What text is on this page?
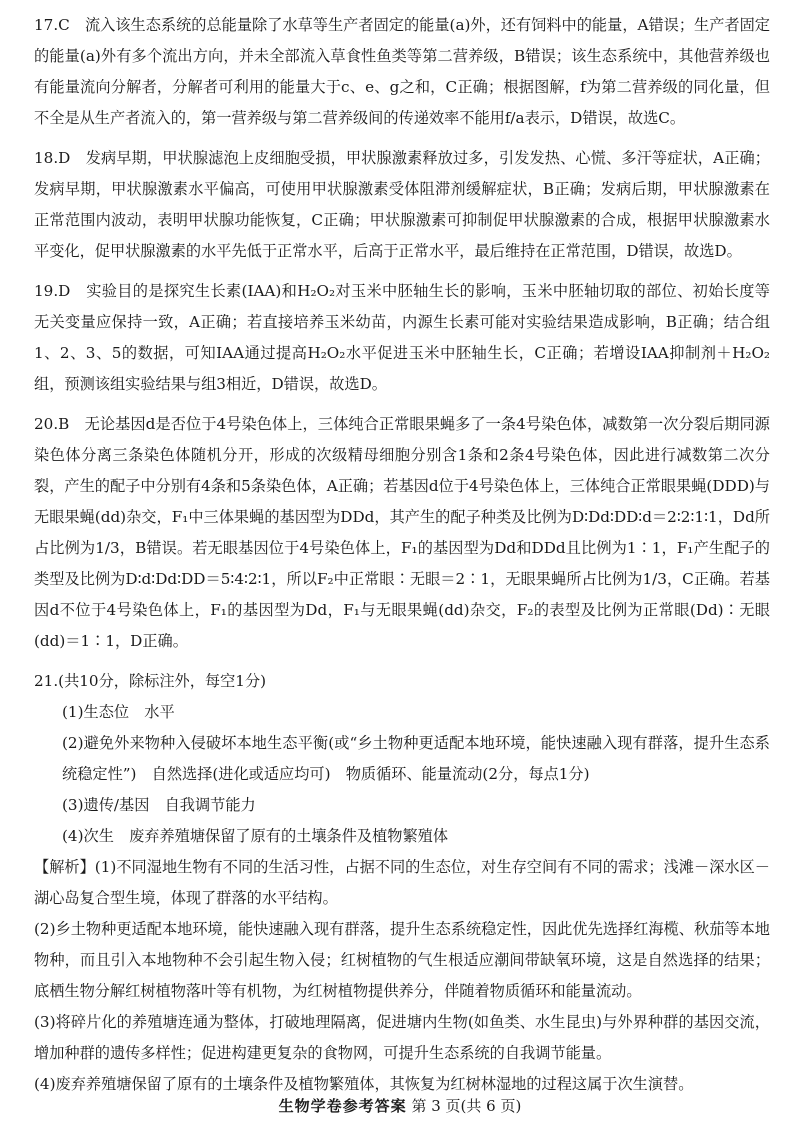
17.C　流入该生态系统的总能量除了水草等生产者固定的能量(a)外，还有饲料中的能量，A错误；生产者固定的能量(a)外有多个流出方向，并未全部流入草食性鱼类等第二营养级，B错误；该生态系统中，其他营养级也有能量流向分解者，分解者可利用的能量大于c、e、g之和，C正确；根据图解，f为第二营养级的同化量，但不全是从生产者流入的，第一营养级与第二营养级间的传递效率不能用f/a表示，D错误，故选C。

18.D　发病早期，甲状腺滤泡上皮细胞受损，甲状腺激素释放过多，引发发热、心慌、多汗等症状，A正确；发病早期，甲状腺激素水平偏高，可使用甲状腺激素受体阻滞剂缓解症状，B正确；发病后期，甲状腺激素在正常范围内波动，表明甲状腺功能恢复，C正确；甲状腺激素可抑制促甲状腺激素的合成，根据甲状腺激素水平变化，促甲状腺激素的水平先低于正常水平，后高于正常水平，最后维持在正常范围，D错误，故选D。

19.D　实验目的是探究生长素(IAA)和H₂O₂对玉米中胚轴生长的影响，玉米中胚轴切取的部位、初始长度等无关变量应保持一致，A正确；若直接培养玉米幼苗，内源生长素可能对实验结果造成影响，B正确；结合组1、2、3、5的数据，可知IAA通过提高H₂O₂水平促进玉米中胚轴生长，C正确；若增设IAA抑制剂＋H₂O₂组，预测该组实验结果与组3相近，D错误，故选D。

20.B　无论基因d是否位于4号染色体上，三体纯合正常眼果蝇多了一条4号染色体，减数第一次分裂后期同源染色体分离三条染色体随机分开，形成的次级精母细胞分别含1条和2条4号染色体，因此进行减数第二次分裂，产生的配子中分别有4条和5条染色体，A正确；若基因d位于4号染色体上，三体纯合正常眼果蝇(DDD)与无眼果蝇(dd)杂交，F₁中三体果蝇的基因型为DDd，其产生的配子种类及比例为D∶Dd∶DD∶d＝2∶2∶1∶1，Dd所占比例为1/3，B错误。若无眼基因位于4号染色体上，F₁的基因型为Dd和DDd且比例为1∶1，F₁产生配子的类型及比例为D∶d∶Dd∶DD＝5∶4∶2∶1，所以F₂中正常眼∶无眼＝2∶1，无眼果蝇所占比例为1/3，C正确。若基因d不位于4号染色体上，F₁的基因型为Dd，F₁与无眼果蝇(dd)杂交，F₂的表型及比例为正常眼(Dd)∶无眼(dd)＝1∶1，D正确。

21.(共10分，除标注外，每空1分)

(1)生态位　水平

(2)避免外来物种入侵破坏本地生态平衡(或“乡土物种更适配本地环境，能快速融入现有群落，提升生态系统稳定性”)　自然选择(进化或适应均可)　物质循环、能量流动(2分，每点1分)

(3)遗传/基因　自我调节能力

(4)次生　废弃养殖塘保留了原有的土壤条件及植物繁殖体

【解析】(1)不同湿地生物有不同的生活习性，占据不同的生态位，对生存空间有不同的需求；浅滩－深水区－湖心岛复合型生境，体现了群落的水平结构。

(2)乡土物种更适配本地环境，能快速融入现有群落，提升生态系统稳定性，因此优先选择红海榄、秋茄等本地物种，而且引入本地物种不会引起生物入侵；红树植物的气生根适应潮间带缺氧环境，这是自然选择的结果；底栖生物分解红树植物落叶等有机物，为红树植物提供养分，伴随着物质循环和能量流动。

(3)将碎片化的养殖塘连通为整体，打破地理隔离，促进塘内生物(如鱼类、水生昆虫)与外界种群的基因交流，增加种群的遗传多样性；促进构建更复杂的食物网，可提升生态系统的自我调节能量。

(4)废弃养殖塘保留了原有的土壤条件及植物繁殖体，其恢复为红树林湿地的过程这属于次生演替。

生物学卷参考答案 第 3 页(共 6 页)
